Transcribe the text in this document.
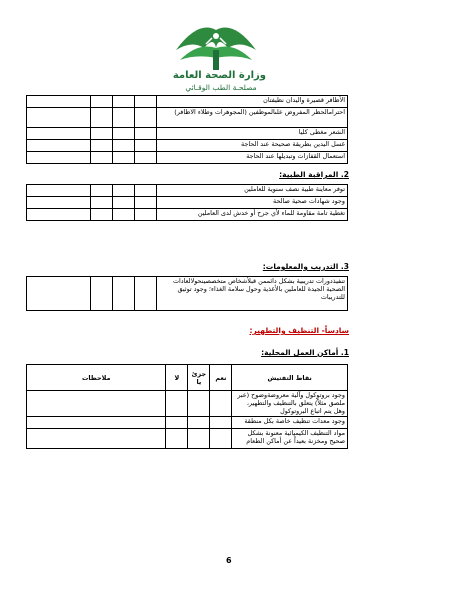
وزارة الصحة العامة
مصلحـة الطب الوقـائي
				الأظافر قصيرة واليدان نظيفتان
				احترامالحظر المفروض علىالموظفين (المجوهرات وطلاء الاظافر)
				الشعر مغطى كليا
				غسل اليدين بطريقة صحيحة عند الحاجة
				استعمال القفازات وتبديلها عند الحاجة
2. المراقبة الطبية:
				توفر معاينة طبية نصف سنوية للعاملين
				وجود شهادات صحية صالحة
				تغطية تامة مقاومة للماء لأي جرح أو خدش لدى العاملين
3. التدريب والمعلومات:
				تنفيذدورات تدريبية بشكل دائممن قبلأشخاص متخصصينحولالعادات الصحية الجيدة للعاملين بالأغذية وحول سلامة الغذاء؛ وجود توثيق للتدريبات
سادساً- التنظيف والتطهير:
1. أماكن العمل المحلية:
ملاحظات	لا	جزئ يا	نعم	نقاط التفتيش
				وجود بروتوكول وآلية معروضةوضوح (عبر ملصق مثلاً) يتعلق بالتنظيف والتطهير، وهل يتم اتباع البروتوكول
				وجود معدات تنظيف خاصة بكل منطقة
				مواد التنظيف الكيميائية معنونة بشكل صحيح ومخزنة بعيداً عن أماكن الطعام
6
